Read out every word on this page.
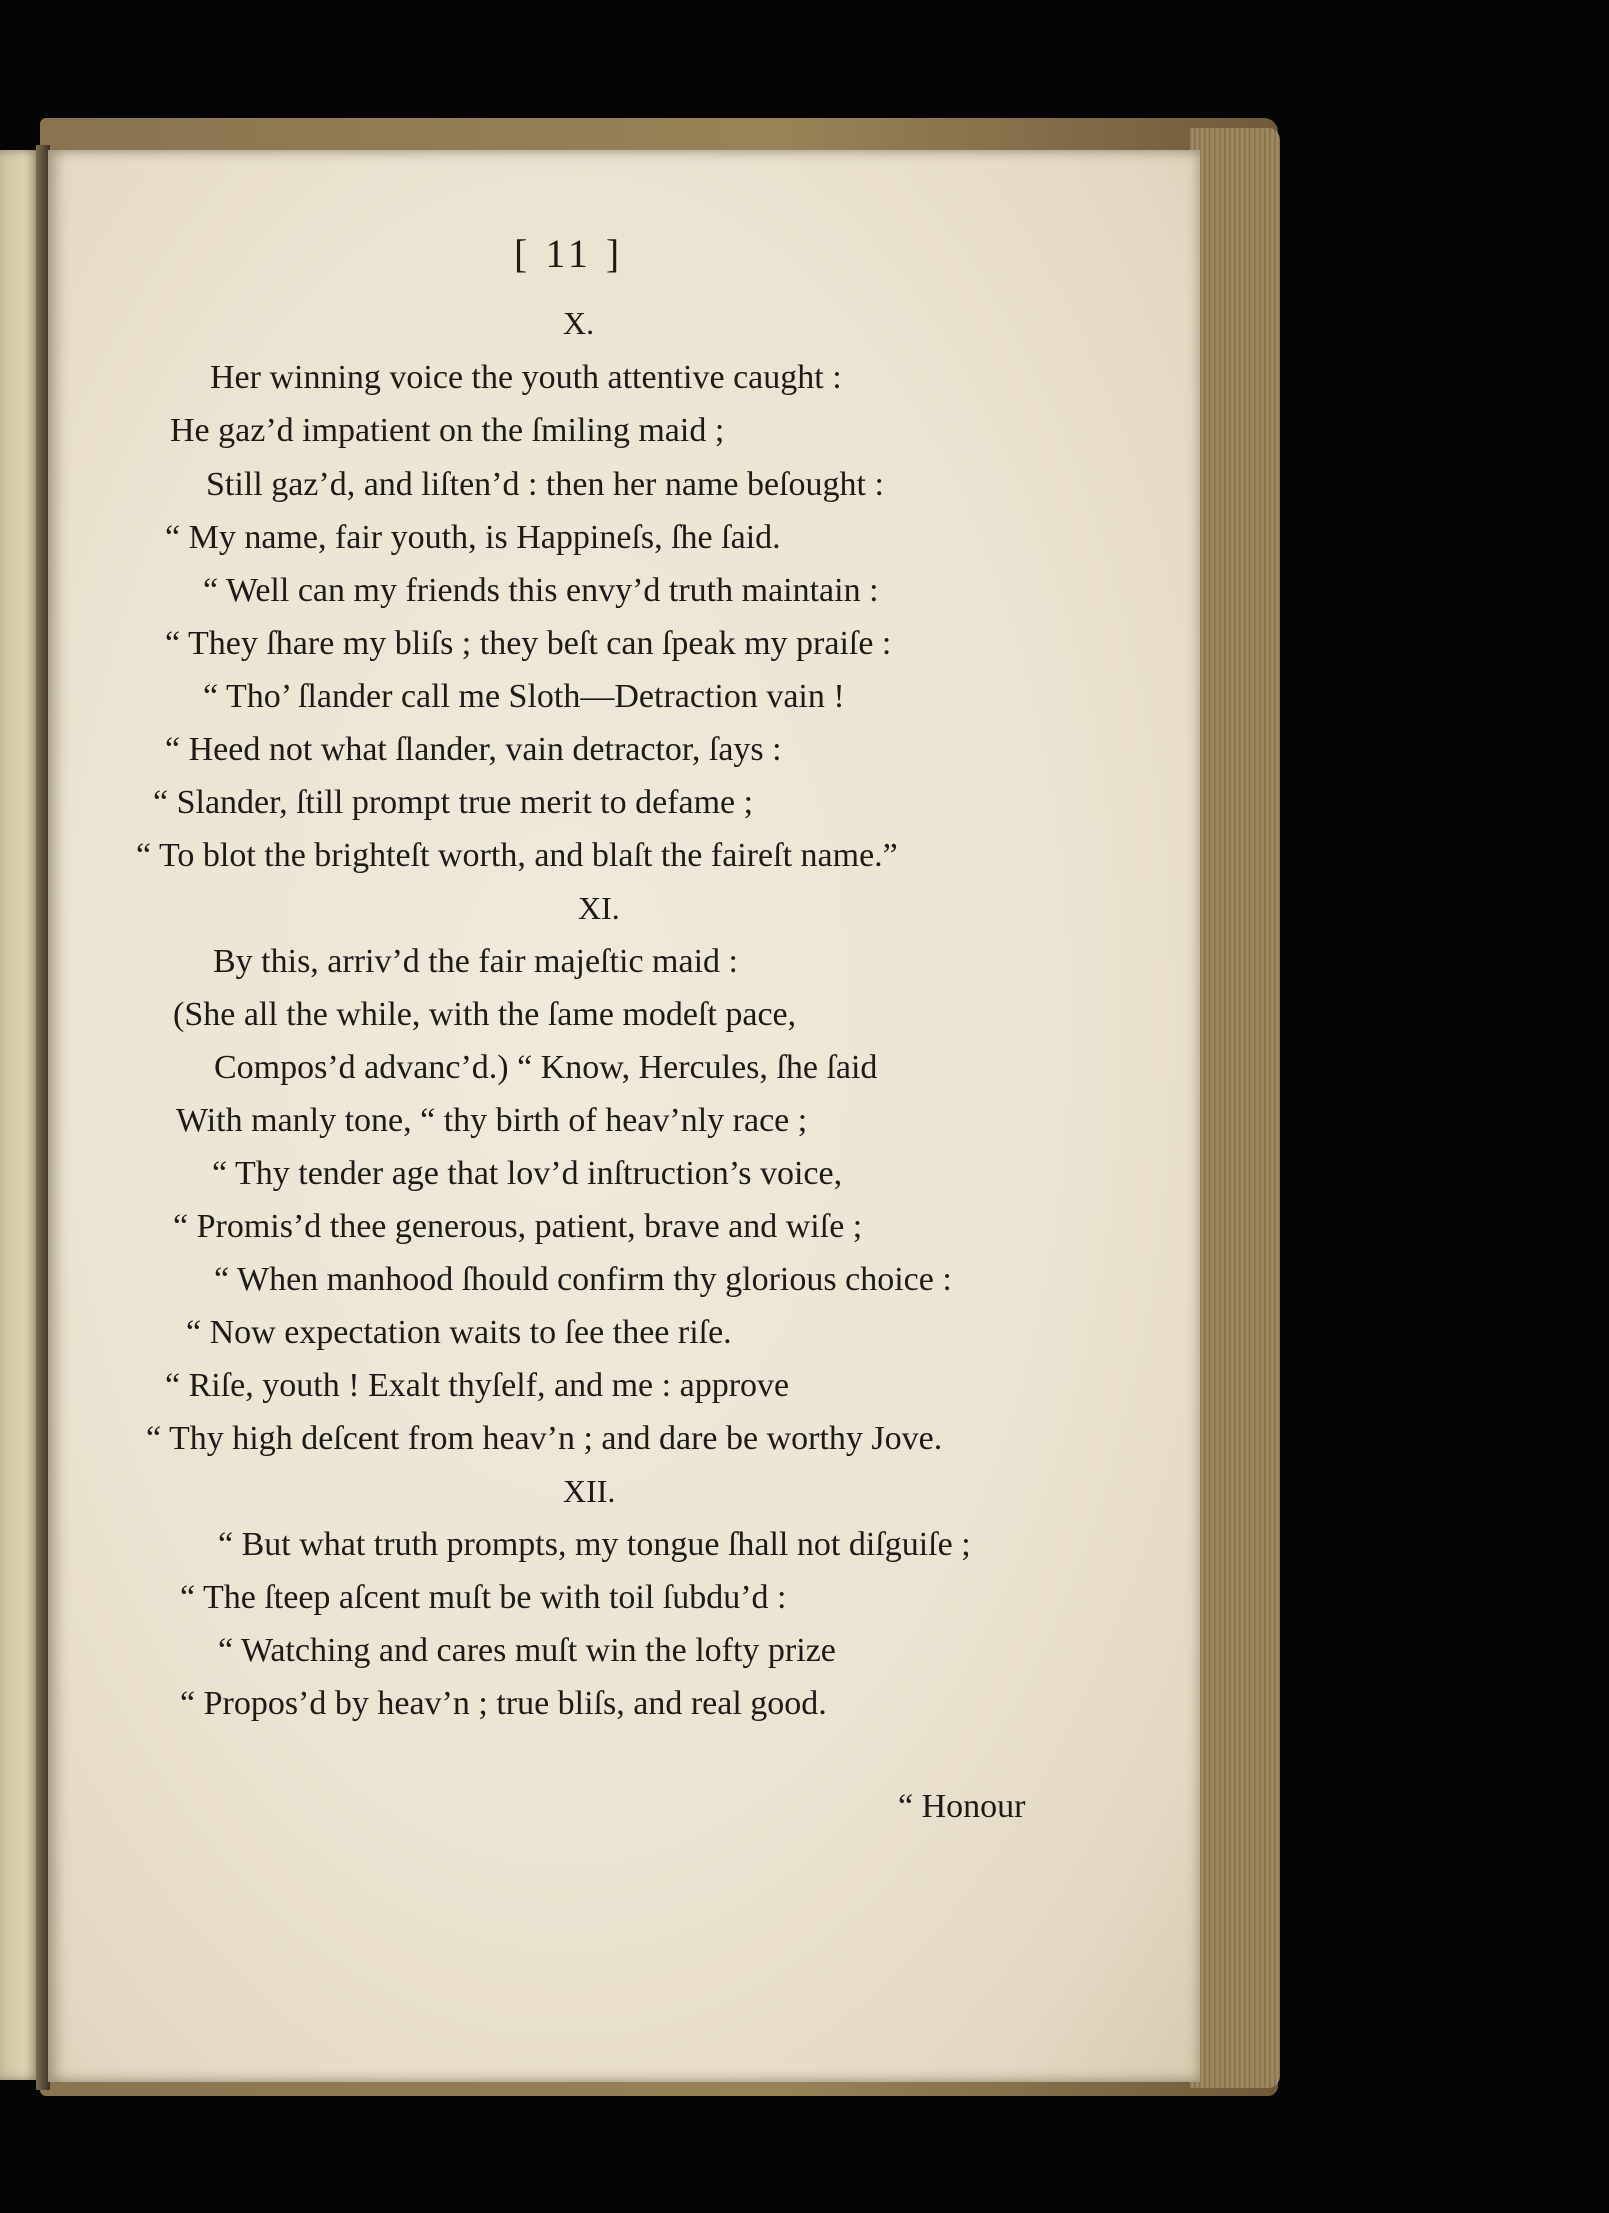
[ 11 ]
X.
Her winning voice the youth attentive caught :
He gaz’d impatient on the ſmiling maid ;
Still gaz’d, and liſten’d : then her name beſought :
“ My name, fair youth, is Happineſs, ſhe ſaid.
“ Well can my friends this envy’d truth maintain :
“ They ſhare my bliſs ; they beſt can ſpeak my praiſe :
“ Tho’ ſlander call me Sloth—Detraction vain !
“ Heed not what ſlander, vain detractor, ſays :
“ Slander, ſtill prompt true merit to defame ;
“ To blot the brighteſt worth, and blaſt the faireſt name.”
XI.
By this, arriv’d the fair majeſtic maid :
(She all the while, with the ſame modeſt pace,
Compos’d advanc’d.) “ Know, Hercules, ſhe ſaid
With manly tone, “ thy birth of heav’nly race ;
“ Thy tender age that lov’d inſtruction’s voice,
“ Promis’d thee generous, patient, brave and wiſe ;
“ When manhood ſhould confirm thy glorious choice :
“ Now expectation waits to ſee thee riſe.
“ Riſe, youth ! Exalt thyſelf, and me : approve
“ Thy high deſcent from heav’n ; and dare be worthy Jove.
XII.
“ But what truth prompts, my tongue ſhall not diſguiſe ;
“ The ſteep aſcent muſt be with toil ſubdu’d :
“ Watching and cares muſt win the lofty prize
“ Propos’d by heav’n ; true bliſs, and real good.
“ Honour
